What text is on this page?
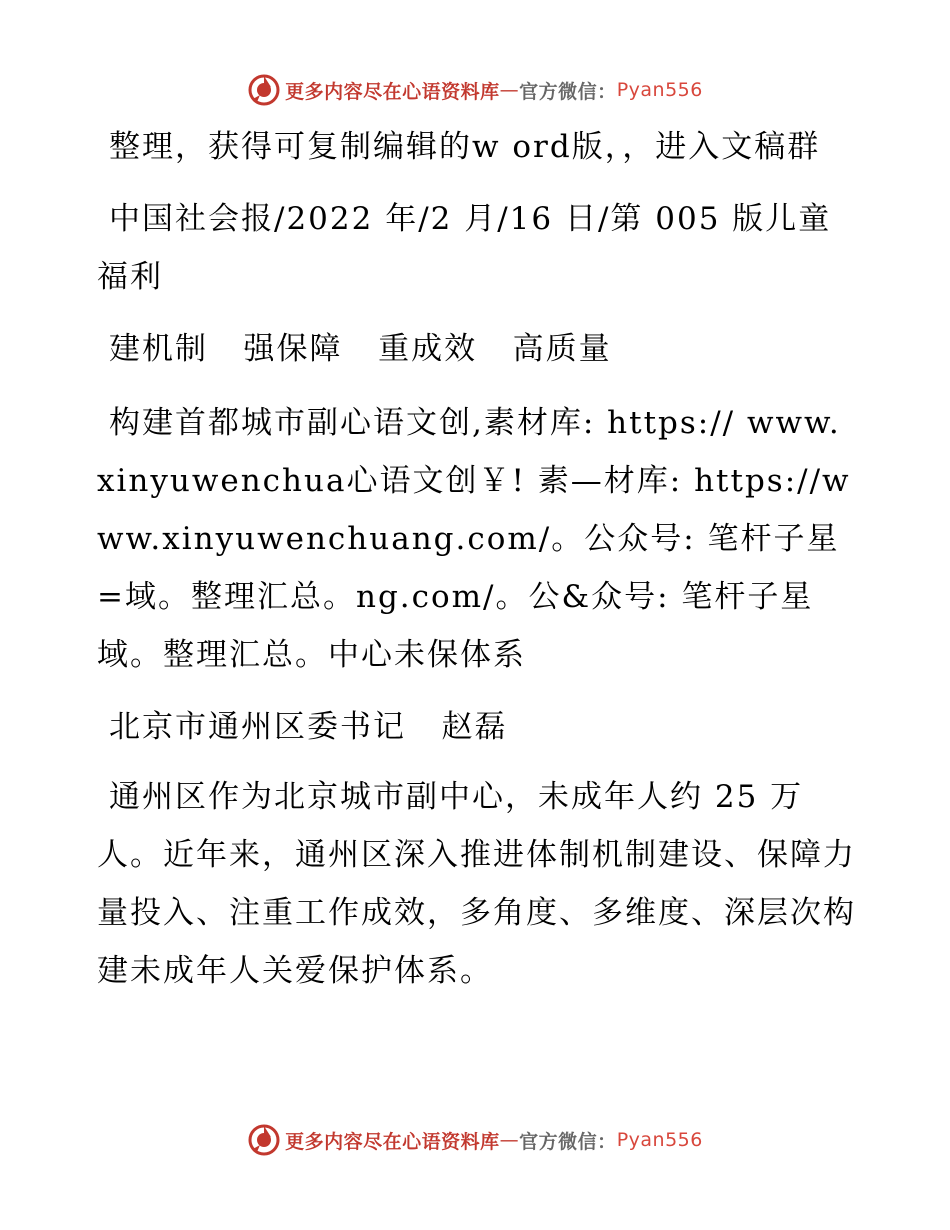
更多内容尽在心语资料库 — 官方微信： Pyan556

整理，获得可复制编辑的w ord版，，进入文稿群

中国社会报/2022 年/2 月/16 日/第 005 版儿童福利

建机制   强保障   重成效   高质量

构建首都城市副心语文创,素材库: https:// www.xinyuwenchua心语文创￥! 素—材库: https://www.xinyuwenchuang.com/。公众号: 笔杆子星=域。整理汇总。ng.com/。公&众号: 笔杆子星域。整理汇总。中心未保体系

北京市通州区委书记   赵磊

通州区作为北京城市副中心，未成年人约 25 万人。近年来，通州区深入推进体制机制建设、保障力量投入、注重工作成效，多角度、多维度、深层次构建未成年人关爱保护体系。

更多内容尽在心语资料库 — 官方微信： Pyan556
